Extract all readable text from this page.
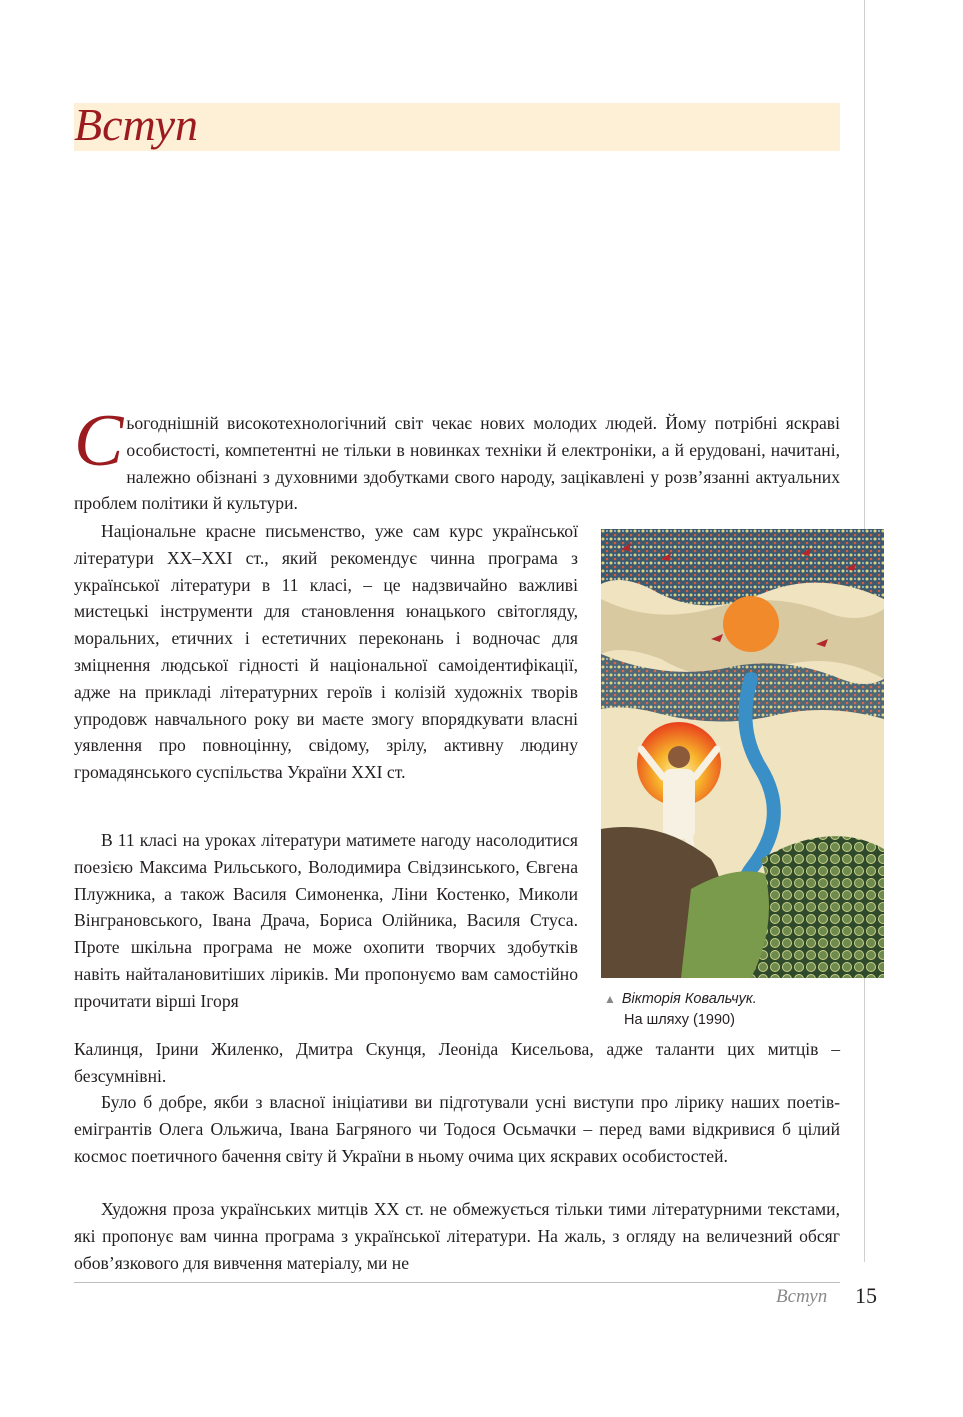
Вступ

Сьогоднішній високотехнологічний світ чекає нових молодих людей. Йому потрібні яскраві особистості, компетентні не тільки в новинках техніки й електроніки, а й ерудовані, начитані, належно обізнані з духовними здобутками свого народу, зацікавлені у розв’язанні актуальних проблем політики й культури.

Національне красне письменство, уже сам курс української літератури ХХ–ХХІ ст., який рекомендує чинна програма з української літератури в 11 класі, – це надзвичайно важливі мистецькі інструменти для становлення юнацького світогляду, моральних, етичних і естетичних переконань і водночас для зміцнення людської гідності й національної самоідентифікації, адже на прикладі літературних героїв і колізій художніх творів упродовж навчального року ви маєте змогу впорядкувати власні уявлення про повноцінну, свідому, зрілу, активну людину громадянського суспільства України ХХІ ст.

В 11 класі на уроках літератури матимете нагоду насолодитися поезією Максима Рильського, Володимира Свідзинського, Євгена Плужника, а також Василя Симоненка, Ліни Костенко, Миколи Вінграновського, Івана Драча, Бориса Олійника, Василя Стуса. Проте шкільна програма не може охопити творчих здобутків навіть найталановитіших ліриків. Ми пропонуємо вам самостійно прочитати вірші Ігоря

Калинця, Ірини Жиленко, Дмитра Скунця, Леоніда Кисельова, адже таланти цих митців – безсумнівні.

Було б добре, якби з власної ініціативи ви підготували усні виступи про лірику наших поетів-емігрантів Олега Ольжича, Івана Багряного чи Тодося Осьмачки – перед вами відкривися б цілий космос поетичного бачення світу й України в ньому очима цих яскравих особистостей.

Художня проза українських митців ХХ ст. не обмежується тільки тими літературними текстами, які пропонує вам чинна програма з української літератури. На жаль, з огляду на величезний обсяг обов’язкового для вивчення матеріалу, ми не

▲ Вікторія Ковальчук.
На шляху (1990)
Вступ 15
